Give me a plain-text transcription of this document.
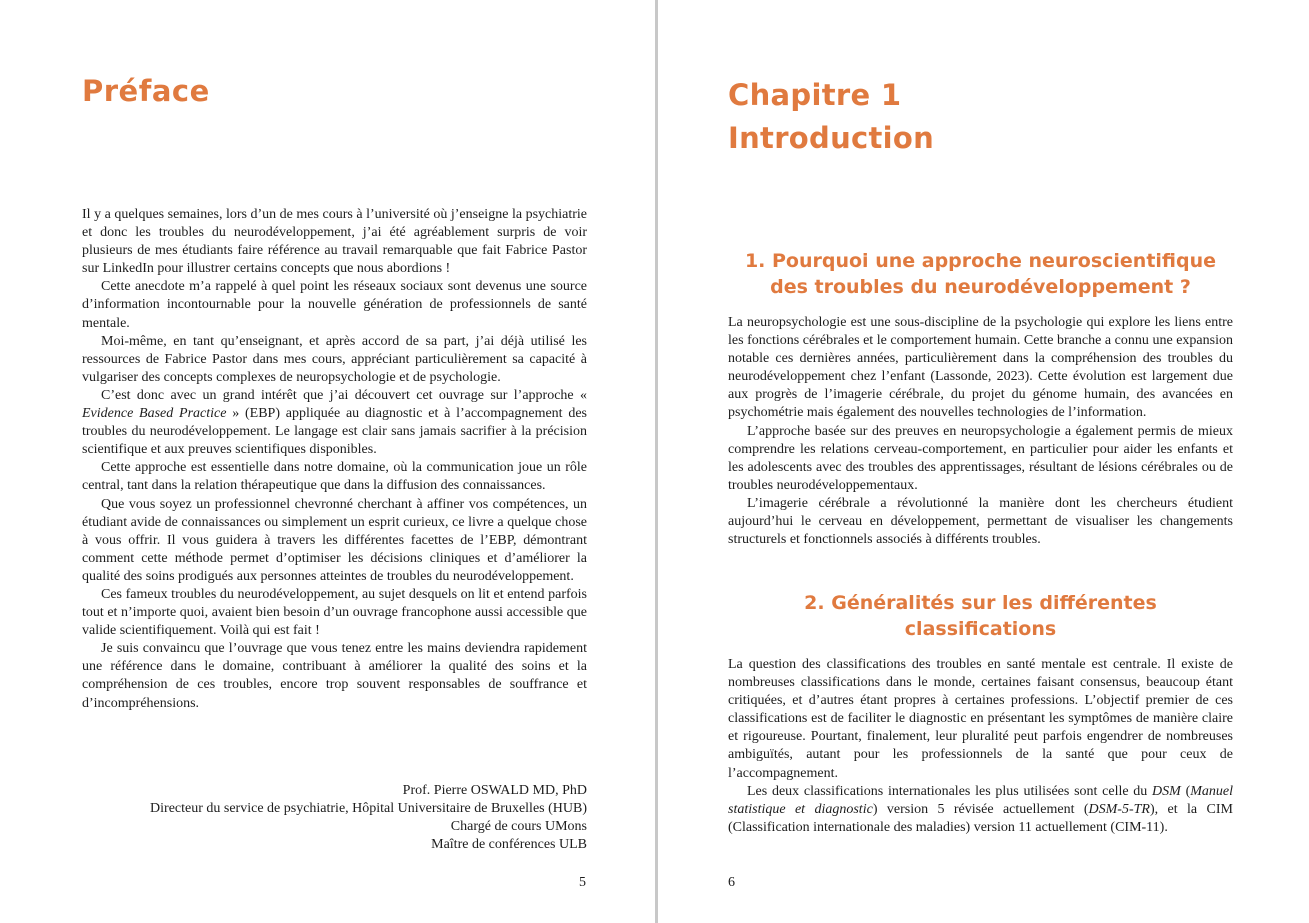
Préface

Il y a quelques semaines, lors d’un de mes cours à l’université où j’enseigne la psychiatrie et donc les troubles du neurodéveloppement, j’ai été agréablement surpris de voir plusieurs de mes étudiants faire référence au travail remarquable que fait Fabrice Pastor sur LinkedIn pour illustrer certains concepts que nous abordions !

Cette anecdote m’a rappelé à quel point les réseaux sociaux sont devenus une source d’information incontournable pour la nouvelle génération de professionnels de santé mentale.

Moi-même, en tant qu’enseignant, et après accord de sa part, j’ai déjà utilisé les ressources de Fabrice Pastor dans mes cours, appréciant particulièrement sa capacité à vulgariser des concepts complexes de neuropsychologie et de psychologie.

C’est donc avec un grand intérêt que j’ai découvert cet ouvrage sur l’approche « Evidence Based Practice » (EBP) appliquée au diagnostic et à l’accompagnement des troubles du neurodéveloppement. Le langage est clair sans jamais sacrifier à la précision scientifique et aux preuves scientifiques disponibles.

Cette approche est essentielle dans notre domaine, où la communication joue un rôle central, tant dans la relation thérapeutique que dans la diffusion des connaissances.

Que vous soyez un professionnel chevronné cherchant à affiner vos compétences, un étudiant avide de connaissances ou simplement un esprit curieux, ce livre a quelque chose à vous offrir. Il vous guidera à travers les différentes facettes de l’EBP, démontrant comment cette méthode permet d’optimiser les décisions cliniques et d’améliorer la qualité des soins prodigués aux personnes atteintes de troubles du neurodéveloppement.

Ces fameux troubles du neurodéveloppement, au sujet desquels on lit et entend parfois tout et n’importe quoi, avaient bien besoin d’un ouvrage francophone aussi accessible que valide scientifiquement. Voilà qui est fait !

Je suis convaincu que l’ouvrage que vous tenez entre les mains deviendra rapidement une référence dans le domaine, contribuant à améliorer la qualité des soins et la compréhension de ces troubles, encore trop souvent responsables de souffrance et d’incompréhensions.

Prof. Pierre OSWALD MD, PhD
Directeur du service de psychiatrie, Hôpital Universitaire de Bruxelles (HUB)
Chargé de cours UMons
Maître de conférences ULB
5
Chapitre 1
Introduction
1. Pourquoi une approche neuroscientifique
des troubles du neurodéveloppement ?

La neuropsychologie est une sous-discipline de la psychologie qui explore les liens entre les fonctions cérébrales et le comportement humain. Cette branche a connu une expansion notable ces dernières années, particulièrement dans la compréhension des troubles du neurodéveloppement chez l’enfant (Lassonde, 2023). Cette évolution est largement due aux progrès de l’imagerie cérébrale, du projet du génome humain, des avancées en psychométrie mais également des nouvelles technologies de l’information.

L’approche basée sur des preuves en neuropsychologie a également permis de mieux comprendre les relations cerveau-comportement, en particulier pour aider les enfants et les adolescents avec des troubles des apprentissages, résultant de lésions cérébrales ou de troubles neurodéveloppementaux.

L’imagerie cérébrale a révolutionné la manière dont les chercheurs étudient aujourd’hui le cerveau en développement, permettant de visualiser les changements structurels et fonctionnels associés à différents troubles.

2. Généralités sur les différentes
classifications

La question des classifications des troubles en santé mentale est centrale. Il existe de nombreuses classifications dans le monde, certaines faisant consensus, beaucoup étant critiquées, et d’autres étant propres à certaines professions. L’objectif premier de ces classifications est de faciliter le diagnostic en présentant les symptômes de manière claire et rigoureuse. Pourtant, finalement, leur pluralité peut parfois engendrer de nombreuses ambiguïtés, autant pour les professionnels de la santé que pour ceux de l’accompagnement.

Les deux classifications internationales les plus utilisées sont celle du DSM (Manuel statistique et diagnostic) version 5 révisée actuellement (DSM-5-TR), et la CIM (Classification internationale des maladies) version 11 actuellement (CIM-11).

6
